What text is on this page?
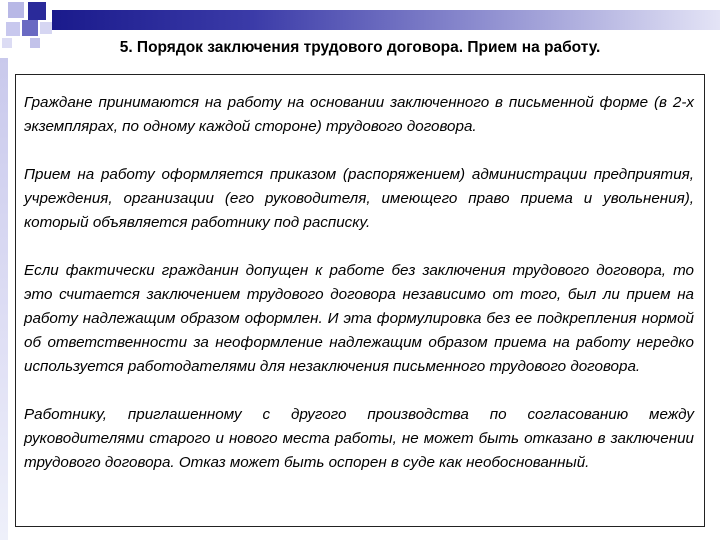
5. Порядок заключения трудового договора. Прием на работу.

Граждане принимаются на работу на основании заключенного в письменной форме (в 2-х экземплярах, по одному каждой стороне) трудового договора.

Прием на работу оформляется приказом (распоряжением) администрации предприятия, учреждения, организации (его руководителя, имеющего право приема и увольнения), который объявляется работнику под расписку.

Если фактически гражданин допущен к работе без заключения трудового договора, то это считается заключением трудового договора независимо от того, был ли прием на работу надлежащим образом оформлен. И эта формулировка без ее подкрепления нормой об ответственности за неоформление надлежащим образом приема на работу нередко используется работодателями для незаключения письменного трудового договора.

Работнику, приглашенному с другого производства по согласованию между руководителями старого и нового места работы, не может быть отказано в заключении трудового договора. Отказ может быть оспорен в суде как необоснованный.
